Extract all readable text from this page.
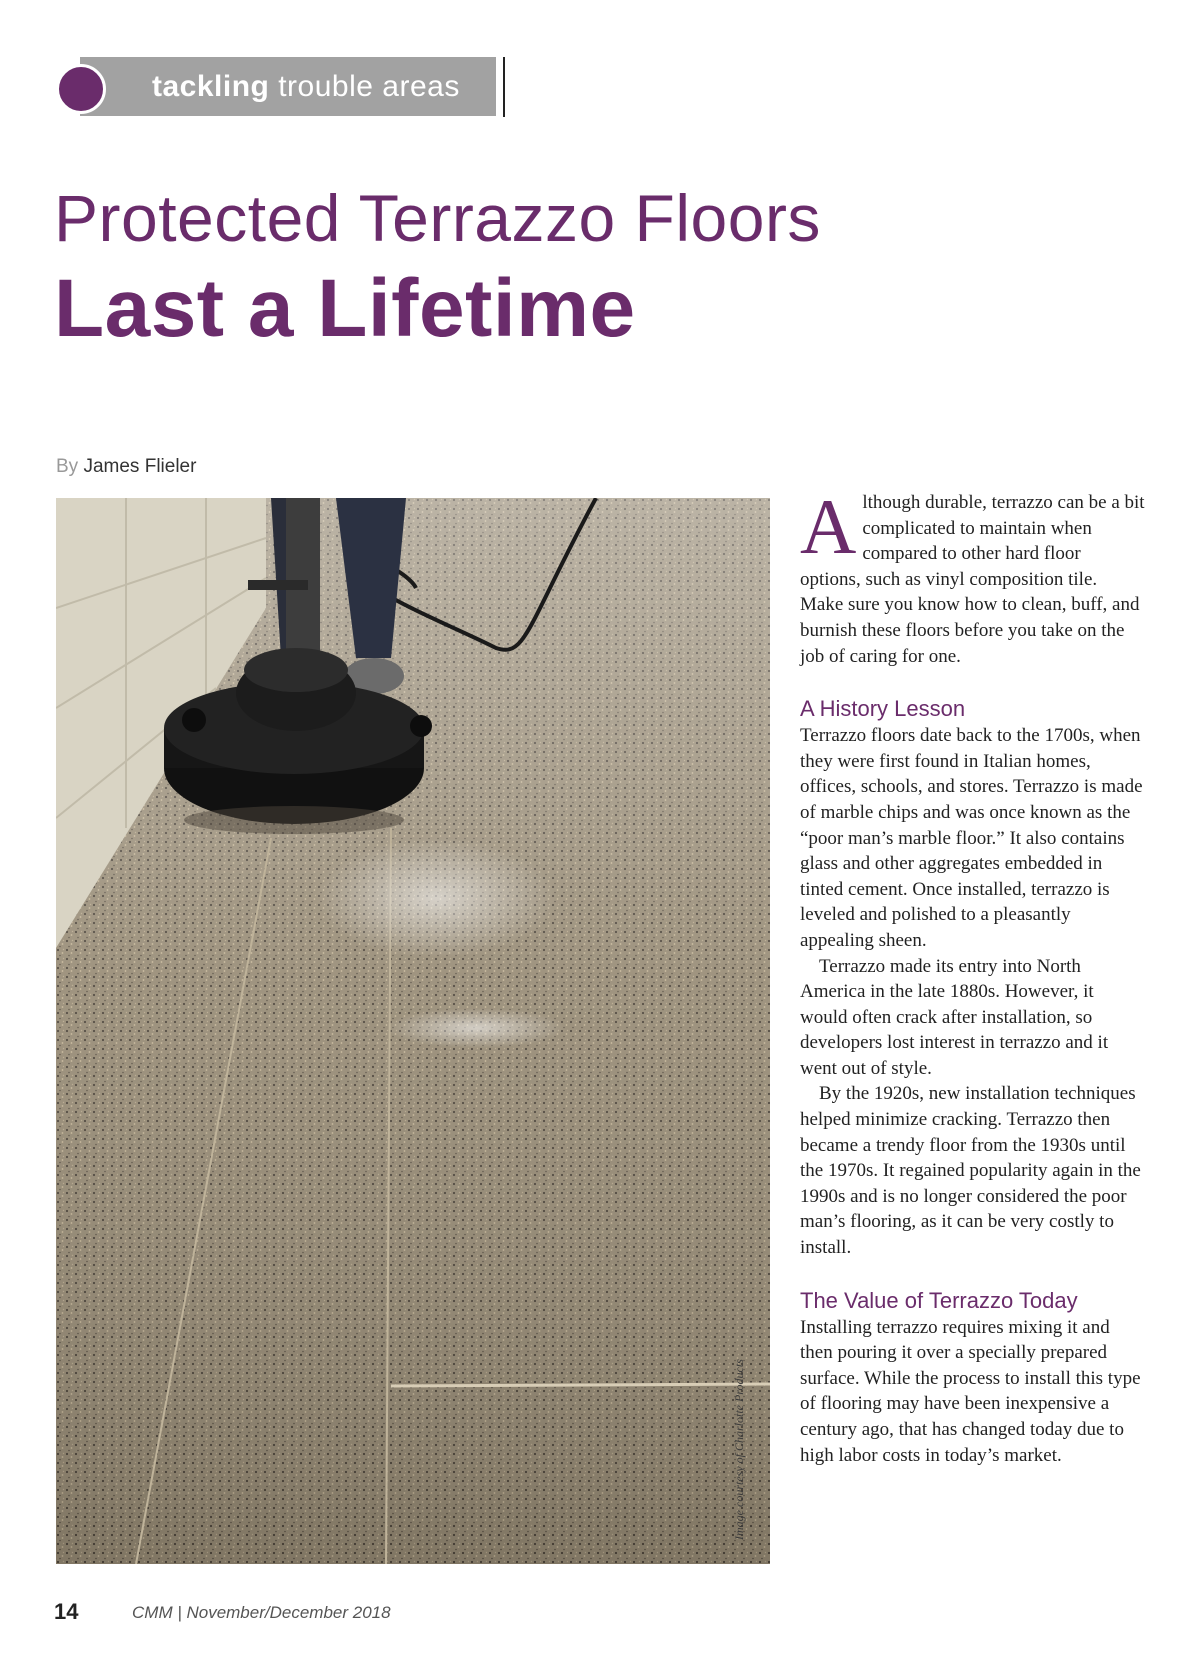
tackling trouble areas
Protected Terrazzo Floors
Last a Lifetime
By James Flieler
Image courtesy of Charlotte Products

Although durable, terrazzo can be a bit complicated to maintain when compared to other hard floor options, such as vinyl composition tile. Make sure you know how to clean, buff, and burnish these floors before you take on the job of caring for one.

A History Lesson

Terrazzo floors date back to the 1700s, when they were first found in Italian homes, offices, schools, and stores. Terrazzo is made of marble chips and was once known as the “poor man’s marble floor.” It also contains glass and other aggregates embedded in tinted cement. Once installed, terrazzo is leveled and polished to a pleasantly appealing sheen.

Terrazzo made its entry into North America in the late 1880s. However, it would often crack after installation, so developers lost interest in terrazzo and it went out of style.

By the 1920s, new installation techniques helped minimize cracking. Terrazzo then became a trendy floor from the 1930s until the 1970s. It regained popularity again in the 1990s and is no longer considered the poor man’s flooring, as it can be very costly to install.

The Value of Terrazzo Today

Installing terrazzo requires mixing it and then pouring it over a specially prepared surface. While the process to install this type of flooring may have been inexpensive a century ago, that has changed today due to high labor costs in today’s market.

14	CMM | November/December 2018
